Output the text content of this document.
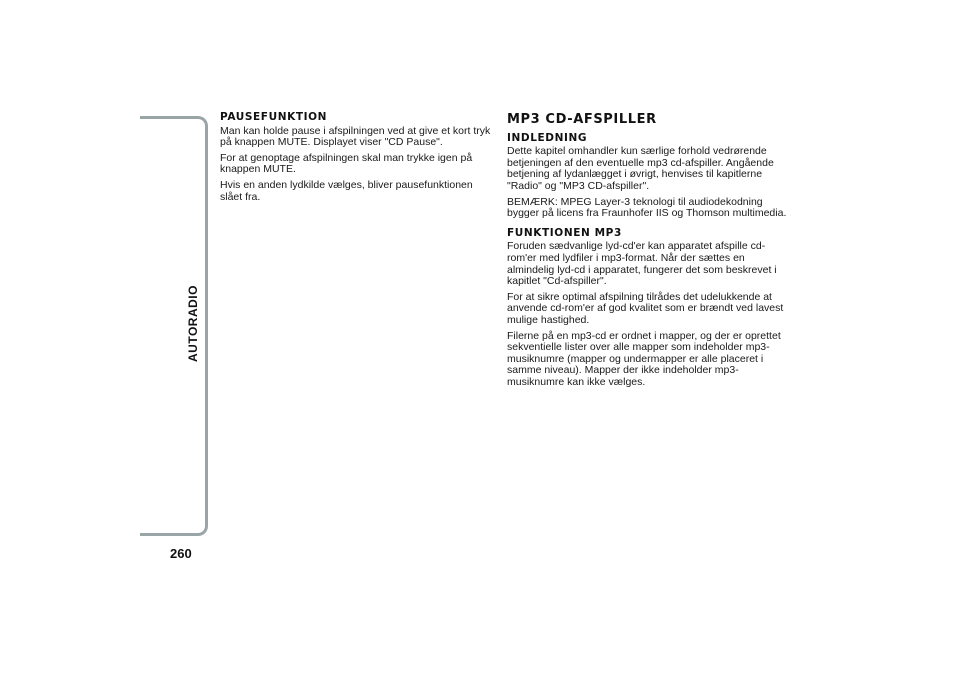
AUTORADIO
260
PAUSEFUNKTION

Man kan holde pause i afspilningen ved at give et kort tryk på knappen MUTE. Displayet viser "CD Pause".

For at genoptage afspilningen skal man trykke igen på knappen MUTE.

Hvis en anden lydkilde vælges, bliver pausefunktionen slået fra.

MP3 CD-AFSPILLER
INDLEDNING

Dette kapitel omhandler kun særlige forhold vedrørende betjeningen af den eventuelle mp3 cd-afspiller. Angående betjening af lydanlægget i øvrigt, henvises til kapitlerne "Radio" og "MP3 CD-afspiller".

BEMÆRK: MPEG Layer-3 teknologi til audiodekodning bygger på licens fra Fraunhofer IIS og Thomson multimedia.

FUNKTIONEN MP3

Foruden sædvanlige lyd-cd'er kan apparatet afspille cd-rom'er med lydfiler i mp3-format. Når der sættes en almindelig lyd-cd i apparatet, fungerer det som beskrevet i kapitlet "Cd-afspiller".

For at sikre optimal afspilning tilrådes det udelukkende at anvende cd-rom'er af god kvalitet som er brændt ved lavest mulige hastighed.

Filerne på en mp3-cd er ordnet i mapper, og der er oprettet sekventielle lister over alle mapper som indeholder mp3-musiknumre (mapper og undermapper er alle placeret i samme niveau). Mapper der ikke indeholder mp3-musiknumre kan ikke vælges.
